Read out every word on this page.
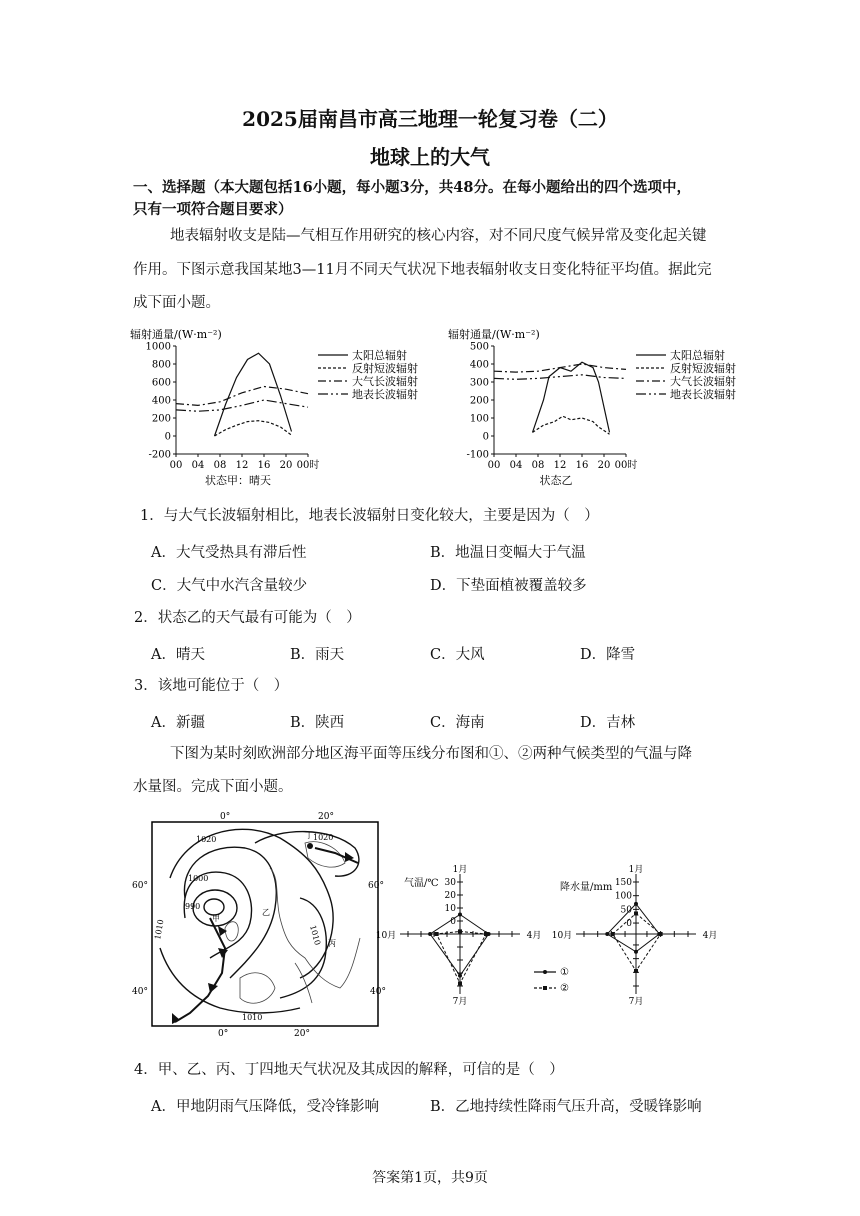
2025届南昌市高三地理一轮复习卷（二）
地球上的大气
一、选择题（本大题包括16小题，每小题3分，共48分。在每小题给出的四个选项中，
只有一项符合题目要求）
地表辐射收支是陆—气相互作用研究的核心内容，对不同尺度气候异常及变化起关键
作用。下图示意我国某地3—11月不同天气状况下地表辐射收支日变化特征平均值。据此完
成下面小题。
辐射通量/(W·m⁻²)
-200
0
200
400
600
800
1000
00 04 08 12 16 20 00时
太阳总辐射
反射短波辐射
大气长波辐射
地表长波辐射
状态甲：晴天
辐射通量/(W·m⁻²)
-100
0
100
200
300
400
500
00 04 08 12 16 20 00时
太阳总辐射
反射短波辐射
大气长波辐射
地表长波辐射
状态乙
1．与大气长波辐射相比，地表长波辐射日变化较大，主要是因为（　）
A．大气受热具有滞后性	B．地温日变幅大于气温
C．大气中水汽含量较少	D．下垫面植被覆盖较多
2．状态乙的天气最有可能为（　）
A．晴天	B．雨天	C．大风	D．降雪
3．该地可能位于（　）
A．新疆	B．陕西	C．海南	D．吉林
下图为某时刻欧洲部分地区海平面等压线分布图和①、②两种气候类型的气温与降
水量图。完成下面小题。
0°	20°
0°	20°
60°	60°
40°	40°
1020
1000
990
1010
1010
1010
1020
甲
乙
丙
丁
气温/℃
1月
4月
7月
10月
0
10
20
30
①
②
降水量/mm
1月
4月
7月
10月
0
50
100
150
4．甲、乙、丙、丁四地天气状况及其成因的解释，可信的是（　）
A．甲地阴雨气压降低，受冷锋影响	B．乙地持续性降雨气压升高，受暖锋影响
答案第1页，共9页
